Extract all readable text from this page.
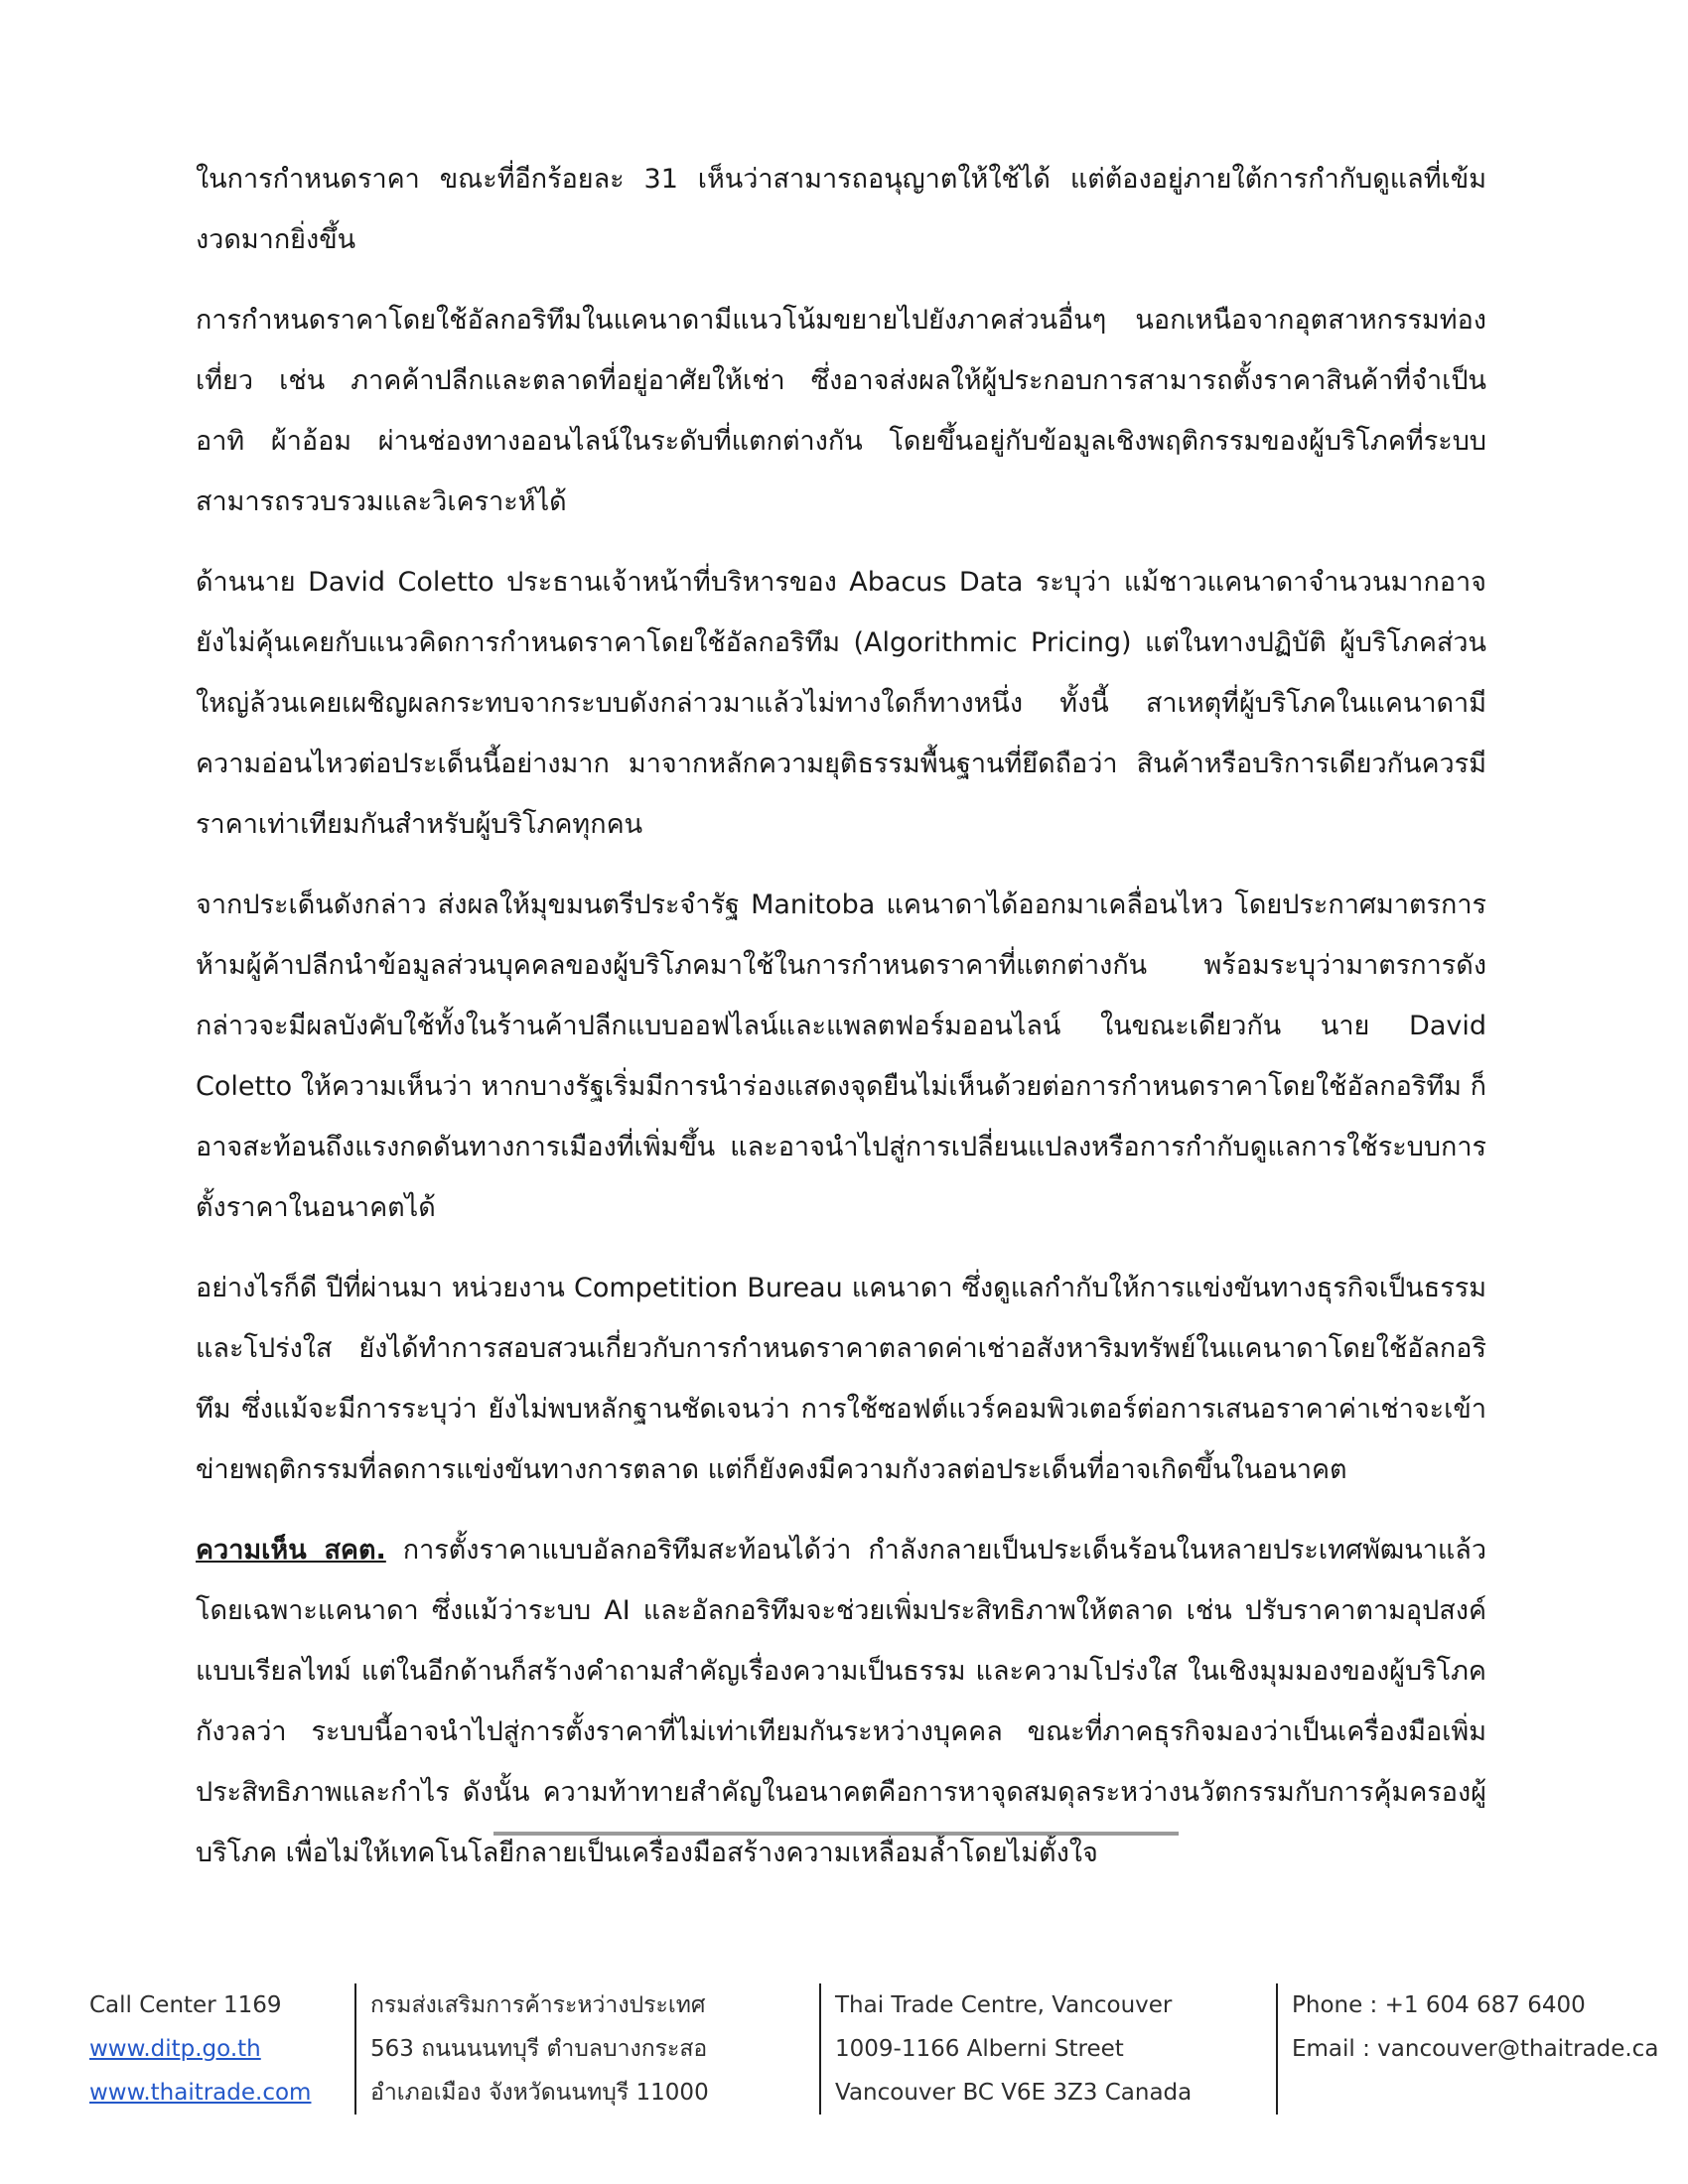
ในการกำหนดราคา ขณะที่อีกร้อยละ 31 เห็นว่าสามารถอนุญาตให้ใช้ได้ แต่ต้องอยู่ภายใต้การกำกับดูแลที่เข้มงวดมากยิ่งขึ้น

การกำหนดราคาโดยใช้อัลกอริทึมในแคนาดามีแนวโน้มขยายไปยังภาคส่วนอื่นๆ นอกเหนือจากอุตสาหกรรมท่องเที่ยว เช่น ภาคค้าปลีกและตลาดที่อยู่อาศัยให้เช่า ซึ่งอาจส่งผลให้ผู้ประกอบการสามารถตั้งราคาสินค้าที่จำเป็น อาทิ ผ้าอ้อม ผ่านช่องทางออนไลน์ในระดับที่แตกต่างกัน โดยขึ้นอยู่กับข้อมูลเชิงพฤติกรรมของผู้บริโภคที่ระบบสามารถรวบรวมและวิเคราะห์ได้

ด้านนาย David Coletto ประธานเจ้าหน้าที่บริหารของ Abacus Data ระบุว่า แม้ชาวแคนาดาจำนวนมากอาจยังไม่คุ้นเคยกับแนวคิดการกำหนดราคาโดยใช้อัลกอริทึม (Algorithmic Pricing) แต่ในทางปฏิบัติ ผู้บริโภคส่วนใหญ่ล้วนเคยเผชิญผลกระทบจากระบบดังกล่าวมาแล้วไม่ทางใดก็ทางหนึ่ง ทั้งนี้ สาเหตุที่ผู้บริโภคในแคนาดามีความอ่อนไหวต่อประเด็นนี้อย่างมาก มาจากหลักความยุติธรรมพื้นฐานที่ยึดถือว่า สินค้าหรือบริการเดียวกันควรมีราคาเท่าเทียมกันสำหรับผู้บริโภคทุกคน

จากประเด็นดังกล่าว ส่งผลให้มุขมนตรีประจำรัฐ Manitoba แคนาดาได้ออกมาเคลื่อนไหว โดยประกาศมาตรการห้ามผู้ค้าปลีกนำข้อมูลส่วนบุคคลของผู้บริโภคมาใช้ในการกำหนดราคาที่แตกต่างกัน พร้อมระบุว่ามาตรการดังกล่าวจะมีผลบังคับใช้ทั้งในร้านค้าปลีกแบบออฟไลน์และแพลตฟอร์มออนไลน์ ในขณะเดียวกัน นาย David Coletto ให้ความเห็นว่า หากบางรัฐเริ่มมีการนำร่องแสดงจุดยืนไม่เห็นด้วยต่อการกำหนดราคาโดยใช้อัลกอริทึม ก็อาจสะท้อนถึงแรงกดดันทางการเมืองที่เพิ่มขึ้น และอาจนำไปสู่การเปลี่ยนแปลงหรือการกำกับดูแลการใช้ระบบการตั้งราคาในอนาคตได้

อย่างไรก็ดี ปีที่ผ่านมา หน่วยงาน Competition Bureau แคนาดา ซึ่งดูแลกำกับให้การแข่งขันทางธุรกิจเป็นธรรมและโปร่งใส ยังได้ทำการสอบสวนเกี่ยวกับการกำหนดราคาตลาดค่าเช่าอสังหาริมทรัพย์ในแคนาดาโดยใช้อัลกอริทึม ซึ่งแม้จะมีการระบุว่า ยังไม่พบหลักฐานชัดเจนว่า การใช้ซอฟต์แวร์คอมพิวเตอร์ต่อการเสนอราคาค่าเช่าจะเข้าข่ายพฤติกรรมที่ลดการแข่งขันทางการตลาด แต่ก็ยังคงมีความกังวลต่อประเด็นที่อาจเกิดขึ้นในอนาคต

ความเห็น สคต. การตั้งราคาแบบอัลกอริทึมสะท้อนได้ว่า กำลังกลายเป็นประเด็นร้อนในหลายประเทศพัฒนาแล้ว โดยเฉพาะแคนาดา ซึ่งแม้ว่าระบบ AI และอัลกอริทึมจะช่วยเพิ่มประสิทธิภาพให้ตลาด เช่น ปรับราคาตามอุปสงค์แบบเรียลไทม์ แต่ในอีกด้านก็สร้างคำถามสำคัญเรื่องความเป็นธรรม และความโปร่งใส ในเชิงมุมมองของผู้บริโภคกังวลว่า ระบบนี้อาจนำไปสู่การตั้งราคาที่ไม่เท่าเทียมกันระหว่างบุคคล ขณะที่ภาคธุรกิจมองว่าเป็นเครื่องมือเพิ่มประสิทธิภาพและกำไร ดังนั้น ความท้าทายสำคัญในอนาคตคือการหาจุดสมดุลระหว่างนวัตกรรมกับการคุ้มครองผู้บริโภค เพื่อไม่ให้เทคโนโลยีกลายเป็นเครื่องมือสร้างความเหลื่อมล้ำโดยไม่ตั้งใจ

Call Center 1169
www.ditp.go.th
www.thaitrade.com
กรมส่งเสริมการค้าระหว่างประเทศ
563 ถนนนนทบุรี ตำบลบางกระสอ
อำเภอเมือง จังหวัดนนทบุรี 11000
Thai Trade Centre, Vancouver
1009-1166 Alberni Street
Vancouver BC V6E 3Z3 Canada
Phone : +1 604 687 6400
Email : vancouver@thaitrade.ca
